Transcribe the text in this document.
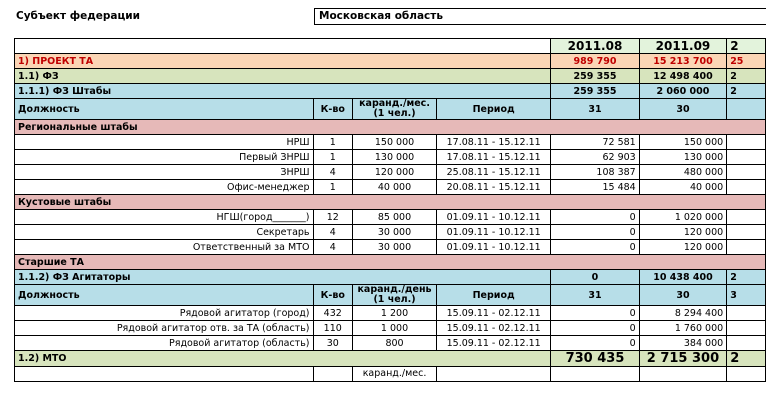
Субъект федерации	Московская область
				2011.08	2011.09	2
1) ПРОЕКТ ТА				989 790	15 213 700	25
1.1) ФЗ				259 355	12 498 400	2
1.1.1) ФЗ Штабы				259 355	2 060 000	2
Должность	К-во	каранд./мес. (1 чел.)	Период	31	30	
Региональные штабы						
НРШ	1	150 000	17.08.11 - 15.12.11	72 581	150 000	
Первый ЗНРШ	1	130 000	17.08.11 - 15.12.11	62 903	130 000	
ЗНРШ	4	120 000	25.08.11 - 15.12.11	108 387	480 000	
Офис-менеджер	1	40 000	20.08.11 - 15.12.11	15 484	40 000	
Кустовые штабы						
НГШ(город_______)	12	85 000	01.09.11 - 10.12.11	0	1 020 000	
Секретарь	4	30 000	01.09.11 - 10.12.11	0	120 000	
Ответственный за МТО	4	30 000	01.09.11 - 10.12.11	0	120 000	
Старшие ТА						
1.1.2) ФЗ Агитаторы				0	10 438 400	2
Должность	К-во	каранд./день (1 чел.)	Период	31	30	3
Рядовой агитатор (город)	432	1 200	15.09.11 - 02.12.11	0	8 294 400	
Рядовой агитатор отв. за ТА (область)	110	1 000	15.09.11 - 02.12.11	0	1 760 000	
Рядовой агитатор (область)	30	800	15.09.11 - 02.12.11	0	384 000	
1.2) МТО				730 435	2 715 300	2
		каранд./мес.				
